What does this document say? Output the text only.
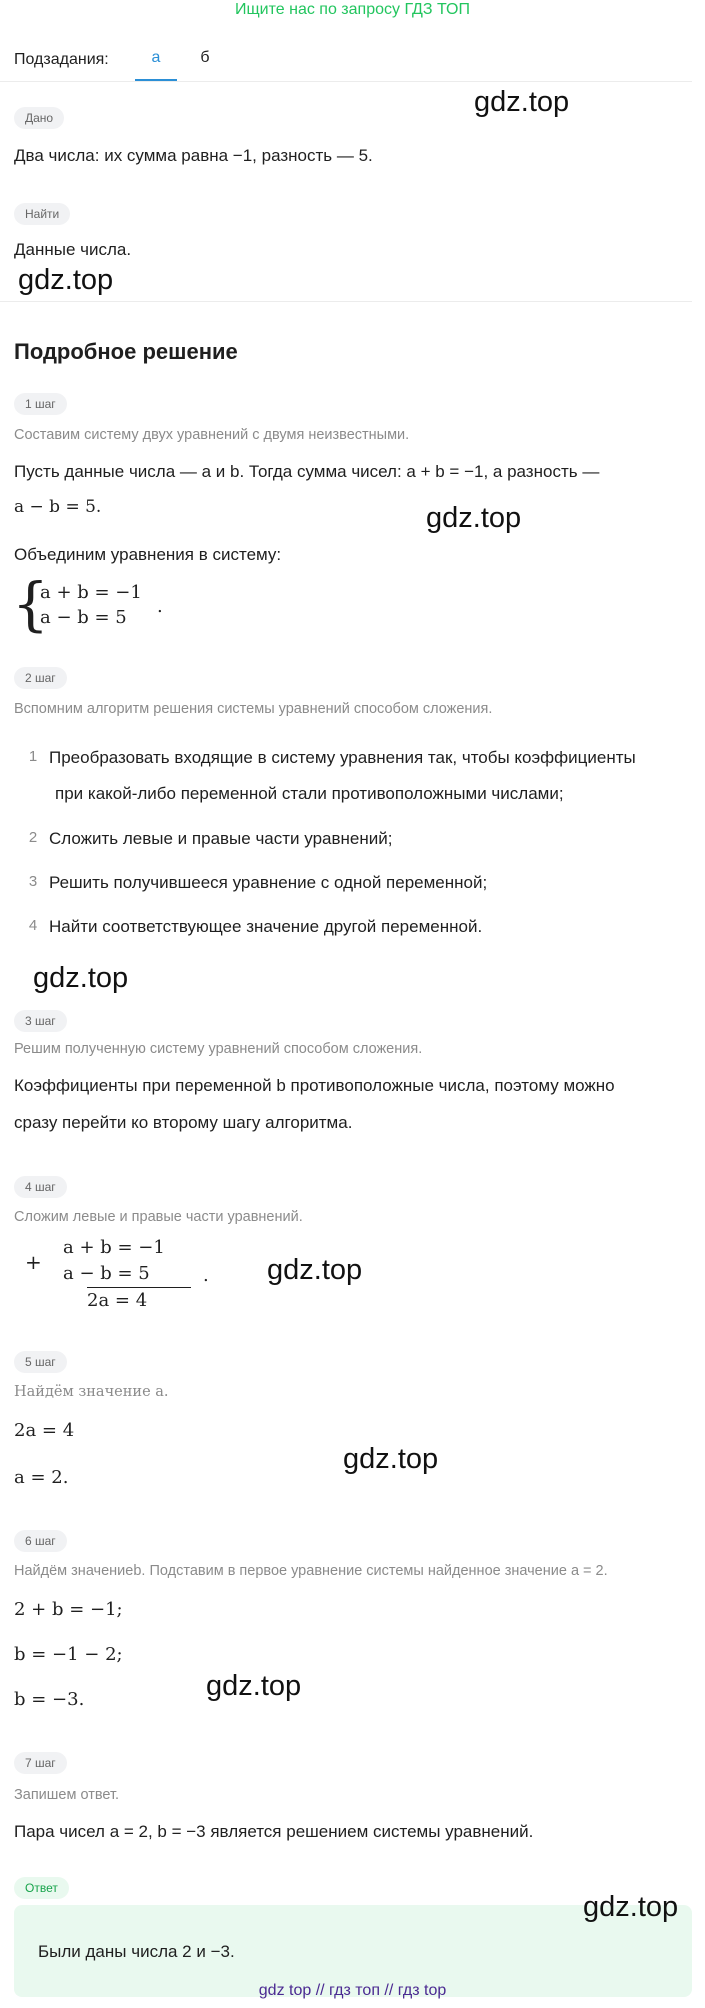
Ищите нас по запросу ГДЗ ТОП
Подзадания:	а	б
Дано
Два числа: их сумма равна −1, разность — 5.
Найти
Данные числа.
Подробное решение
1 шаг
Составим систему двух уравнений с двумя неизвестными.
Пусть данные числа — a и b. Тогда сумма чисел: a + b = −1, а разность —
a − b = 5.
Объединим уравнения в систему:
{
a + b = −1
a − b = 5
.
2 шаг
Вспомним алгоритм решения системы уравнений способом сложения.
1 Преобразовать входящие в систему уравнения так, чтобы коэффициенты
при какой-либо переменной стали противоположными числами;
2 Сложить левые и правые части уравнений;
3 Решить получившееся уравнение с одной переменной;
4 Найти соответствующее значение другой переменной.
3 шаг
Решим полученную систему уравнений способом сложения.
Коэффициенты при переменной b противоположные числа, поэтому можно
сразу перейти ко второму шагу алгоритма.
4 шаг
Сложим левые и правые части уравнений.
+
a + b = −1
a − b = 5
2a = 4
.
5 шаг
Найдём значение a.
2a = 4
a = 2.
6 шаг
Найдём значениеb. Подставим в первое уравнение системы найденное значение a = 2.
2 + b = −1;
b = −1 − 2;
b = −3.
7 шаг
Запишем ответ.
Пара чисел a = 2, b = −3 является решением системы уравнений.
Ответ
Были даны числа 2 и −3.
gdz.top
gdz.top
gdz.top
gdz.top
gdz.top
gdz.top
gdz.top
gdz.top
gdz top // гдз топ // гдз top
